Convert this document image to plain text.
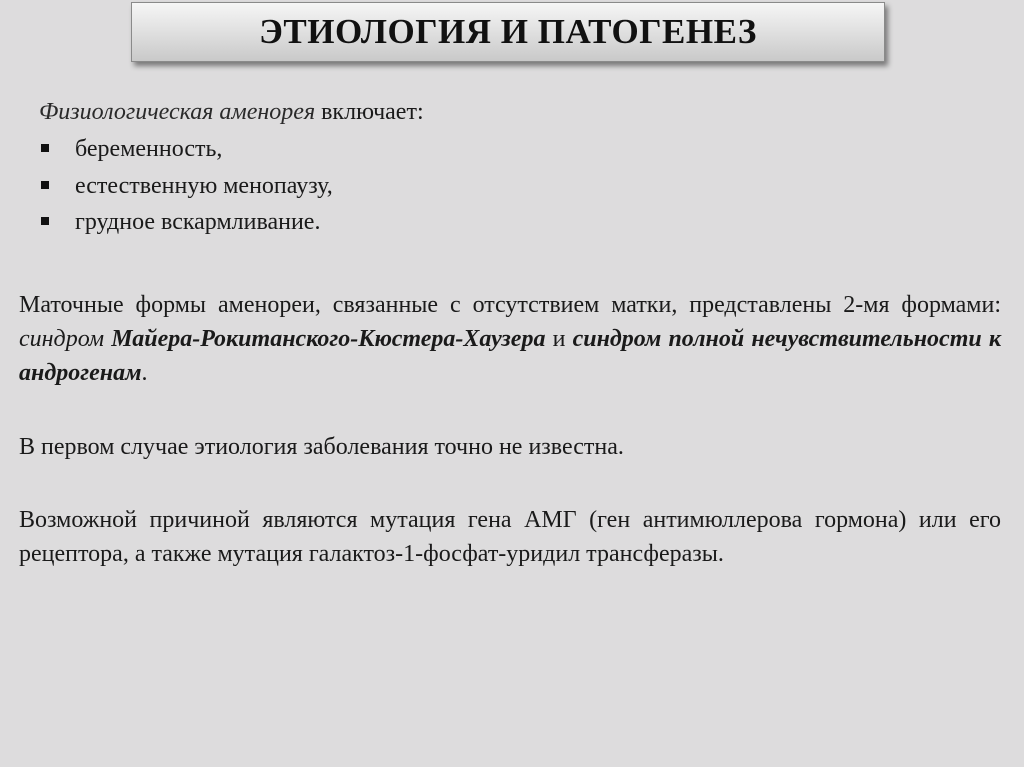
ЭТИОЛОГИЯ И ПАТОГЕНЕЗ
Физиологическая аменорея включает:
беременность,
естественную менопаузу,
грудное вскармливание.
Маточные формы аменореи, связанные с отсутствием матки, представлены 2-мя формами: синдром Майера-Рокитанского-Кюстера-Хаузера и синдром полной нечувствительности к андрогенам.
В первом случае этиология заболевания точно не известна.
Возможной причиной являются мутация гена АМГ (ген антимюллерова гормона) или его рецептора, а также мутация галактоз-1-фосфат-уридил трансферазы.
